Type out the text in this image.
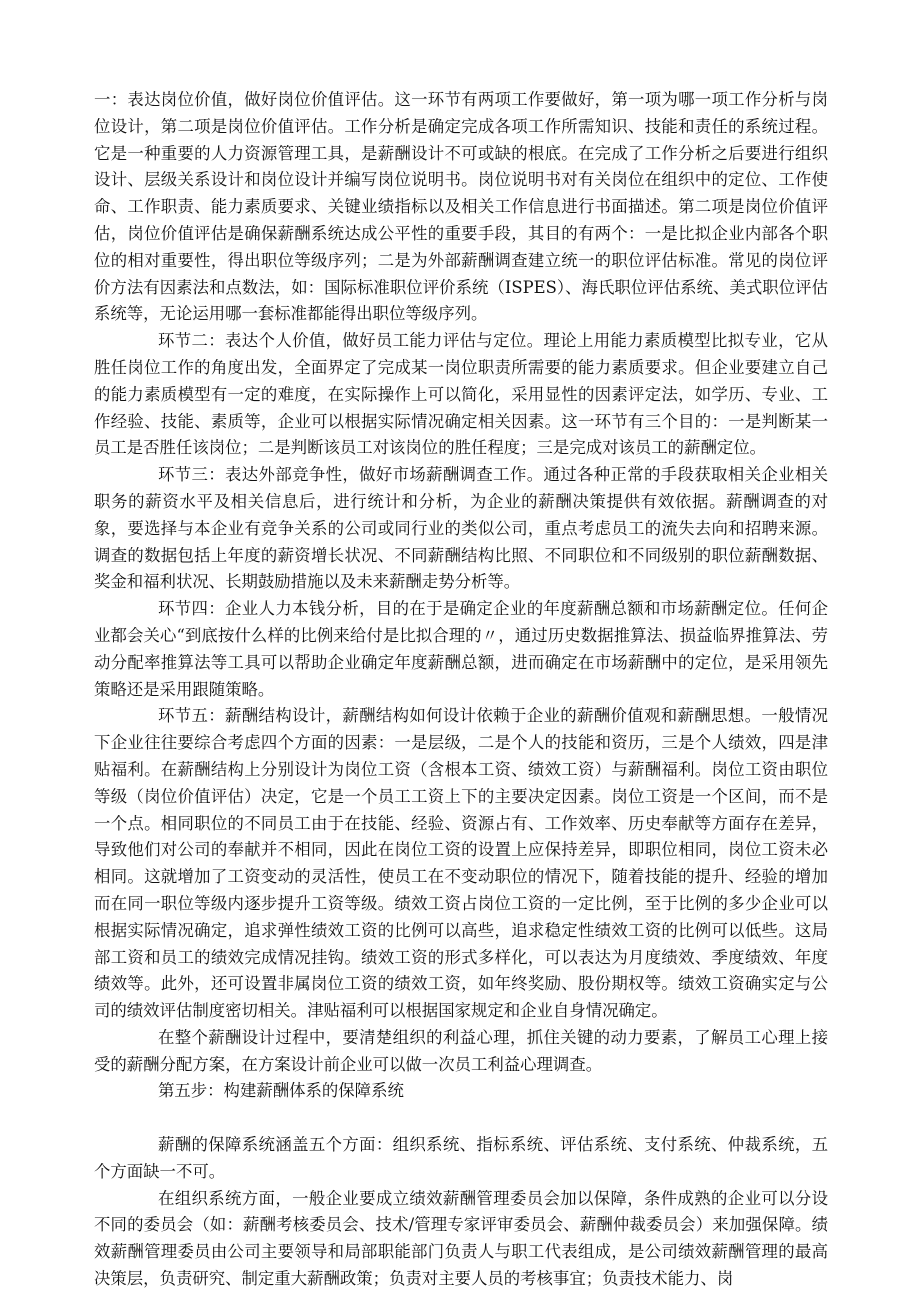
一：表达岗位价值，做好岗位价值评估。这一环节有两项工作要做好，第一项为哪一项工作分析与岗位设计，第二项是岗位价值评估。工作分析是确定完成各项工作所需知识、技能和责任的系统过程。它是一种重要的人力资源管理工具，是薪酬设计不可或缺的根底。在完成了工作分析之后要进行组织设计、层级关系设计和岗位设计并编写岗位说明书。岗位说明书对有关岗位在组织中的定位、工作使命、工作职责、能力素质要求、关键业绩指标以及相关工作信息进行书面描述。第二项是岗位价值评估，岗位价值评估是确保薪酬系统达成公平性的重要手段，其目的有两个：一是比拟企业内部各个职位的相对重要性，得出职位等级序列；二是为外部薪酬调查建立统一的职位评估标准。常见的岗位评价方法有因素法和点数法，如：国际标准职位评价系统（ISPES）、海氏职位评估系统、美式职位评估系统等，无论运用哪一套标准都能得出职位等级序列。

环节二：表达个人价值，做好员工能力评估与定位。理论上用能力素质模型比拟专业，它从胜任岗位工作的角度出发，全面界定了完成某一岗位职责所需要的能力素质要求。但企业要建立自己的能力素质模型有一定的难度，在实际操作上可以简化，采用显性的因素评定法，如学历、专业、工作经验、技能、素质等，企业可以根据实际情况确定相关因素。这一环节有三个目的：一是判断某一员工是否胜任该岗位；二是判断该员工对该岗位的胜任程度；三是完成对该员工的薪酬定位。

环节三：表达外部竞争性，做好市场薪酬调查工作。通过各种正常的手段获取相关企业相关职务的薪资水平及相关信息后，进行统计和分析，为企业的薪酬决策提供有效依据。薪酬调查的对象，要选择与本企业有竞争关系的公司或同行业的类似公司，重点考虑员工的流失去向和招聘来源。调查的数据包括上年度的薪资增长状况、不同薪酬结构比照、不同职位和不同级别的职位薪酬数据、奖金和福利状况、长期鼓励措施以及未来薪酬走势分析等。

环节四：企业人力本钱分析，目的在于是确定企业的年度薪酬总额和市场薪酬定位。任何企业都会关心“到底按什么样的比例来给付是比拟合理的〃，通过历史数据推算法、损益临界推算法、劳动分配率推算法等工具可以帮助企业确定年度薪酬总额，进而确定在市场薪酬中的定位，是采用领先策略还是采用跟随策略。

环节五：薪酬结构设计，薪酬结构如何设计依赖于企业的薪酬价值观和薪酬思想。一般情况下企业往往要综合考虑四个方面的因素：一是层级，二是个人的技能和资历，三是个人绩效，四是津贴福利。在薪酬结构上分别设计为岗位工资（含根本工资、绩效工资）与薪酬福利。岗位工资由职位等级（岗位价值评估）决定，它是一个员工工资上下的主要决定因素。岗位工资是一个区间，而不是一个点。相同职位的不同员工由于在技能、经验、资源占有、工作效率、历史奉献等方面存在差异，导致他们对公司的奉献并不相同，因此在岗位工资的设置上应保持差异，即职位相同，岗位工资未必相同。这就增加了工资变动的灵活性，使员工在不变动职位的情况下，随着技能的提升、经验的增加而在同一职位等级内逐步提升工资等级。绩效工资占岗位工资的一定比例，至于比例的多少企业可以根据实际情况确定，追求弹性绩效工资的比例可以高些，追求稳定性绩效工资的比例可以低些。这局部工资和员工的绩效完成情况挂钩。绩效工资的形式多样化，可以表达为月度绩效、季度绩效、年度绩效等。此外，还可设置非属岗位工资的绩效工资，如年终奖励、股份期权等。绩效工资确实定与公司的绩效评估制度密切相关。津贴福利可以根据国家规定和企业自身情况确定。

在整个薪酬设计过程中，要清楚组织的利益心理，抓住关键的动力要素，了解员工心理上接受的薪酬分配方案，在方案设计前企业可以做一次员工利益心理调查。

第五步：构建薪酬体系的保障系统

薪酬的保障系统涵盖五个方面：组织系统、指标系统、评估系统、支付系统、仲裁系统，五个方面缺一不可。

在组织系统方面，一般企业要成立绩效薪酬管理委员会加以保障，条件成熟的企业可以分设不同的委员会（如：薪酬考核委员会、技术/管理专家评审委员会、薪酬仲裁委员会）来加强保障。绩效薪酬管理委员由公司主要领导和局部职能部门负责人与职工代表组成，是公司绩效薪酬管理的最高决策层，负责研究、制定重大薪酬政策；负责对主要人员的考核事宜；负责技术能力、岗
